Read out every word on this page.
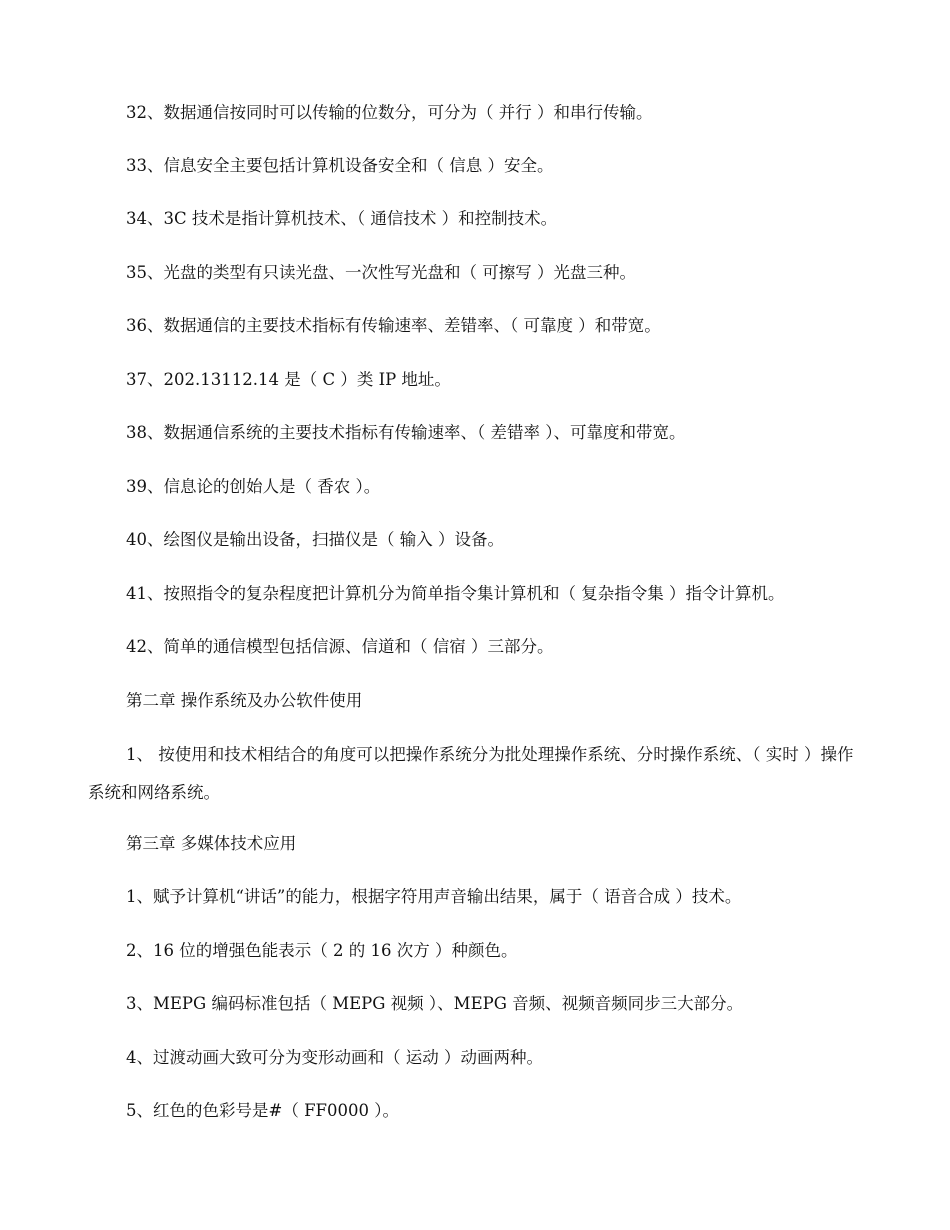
32、数据通信按同时可以传输的位数分，可分为（ 并行 ）和串行传输。
33、信息安全主要包括计算机设备安全和（ 信息 ）安全。
34、3C 技术是指计算机技术、（ 通信技术 ）和控制技术。
35、光盘的类型有只读光盘、一次性写光盘和（ 可擦写 ）光盘三种。
36、数据通信的主要技术指标有传输速率、差错率、（ 可靠度 ）和带宽。
37、202.13112.14 是（ C ）类 IP 地址。
38、数据通信系统的主要技术指标有传输速率、（ 差错率 ）、可靠度和带宽。
39、信息论的创始人是（ 香农 ）。
40、绘图仪是输出设备，扫描仪是（ 输入 ）设备。
41、按照指令的复杂程度把计算机分为简单指令集计算机和（ 复杂指令集 ）指令计算机。
42、简单的通信模型包括信源、信道和（ 信宿 ）三部分。
第二章 操作系统及办公软件使用
1、 按使用和技术相结合的角度可以把操作系统分为批处理操作系统、分时操作系统、（ 实时 ）操作系统和网络系统。
第三章 多媒体技术应用
1、赋予计算机“讲话”的能力，根据字符用声音输出结果，属于（ 语音合成 ）技术。
2、16 位的增强色能表示（ 2 的 16 次方 ）种颜色。
3、MEPG 编码标准包括（ MEPG 视频 ）、MEPG 音频、视频音频同步三大部分。
4、过渡动画大致可分为变形动画和（ 运动 ）动画两种。
5、红色的色彩号是#（ FF0000 ）。
